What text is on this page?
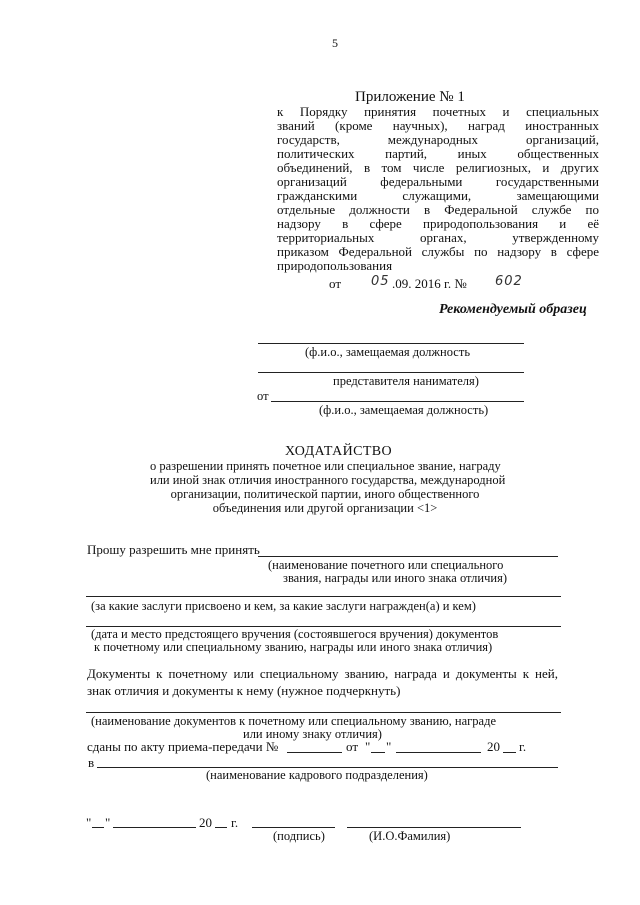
5
Приложение № 1
к Порядку принятия почетных и специальных
званий (кроме научных), наград иностранных
государств, международных организаций,
политических партий, иных общественных
объединений, в том числе религиозных, и других
организаций федеральными государственными
гражданскими служащими, замещающими
отдельные должности в Федеральной службе по
надзору в сфере природопользования и её
территориальных органах, утвержденному
приказом Федеральной службы по надзору в сфере
природопользования
от 05 .09. 2016 г. № 602
Рекомендуемый образец
(ф.и.о., замещаемая должность
представителя нанимателя)
от
(ф.и.о., замещаемая должность)
ХОДАТАЙСТВО
о разрешении принять почетное или специальное звание, награду
или иной знак отличия иностранного государства, международной
организации, политической партии, иного общественного
объединения или другой организации <1>
Прошу разрешить мне принять
(наименование почетного или специального
звания, награды или иного знака отличия)
(за какие заслуги присвоено и кем, за какие заслуги награжден(а) и кем)
(дата и место предстоящего вручения (состоявшегося вручения) документов
к почетному или специальному званию, награды или иного знака отличия)
Документы к почетному или специальному званию, награда и документы к ней,
знак отличия и документы к нему (нужное подчеркнуть)
(наименование документов к почетному или специальному званию, награде
или иному знаку отличия)
сданы по акту приема-передачи №	от " "	20 г.
в
(наименование кадрового подразделения)
" "	20 г.
(подпись)	(И.О.Фамилия)
